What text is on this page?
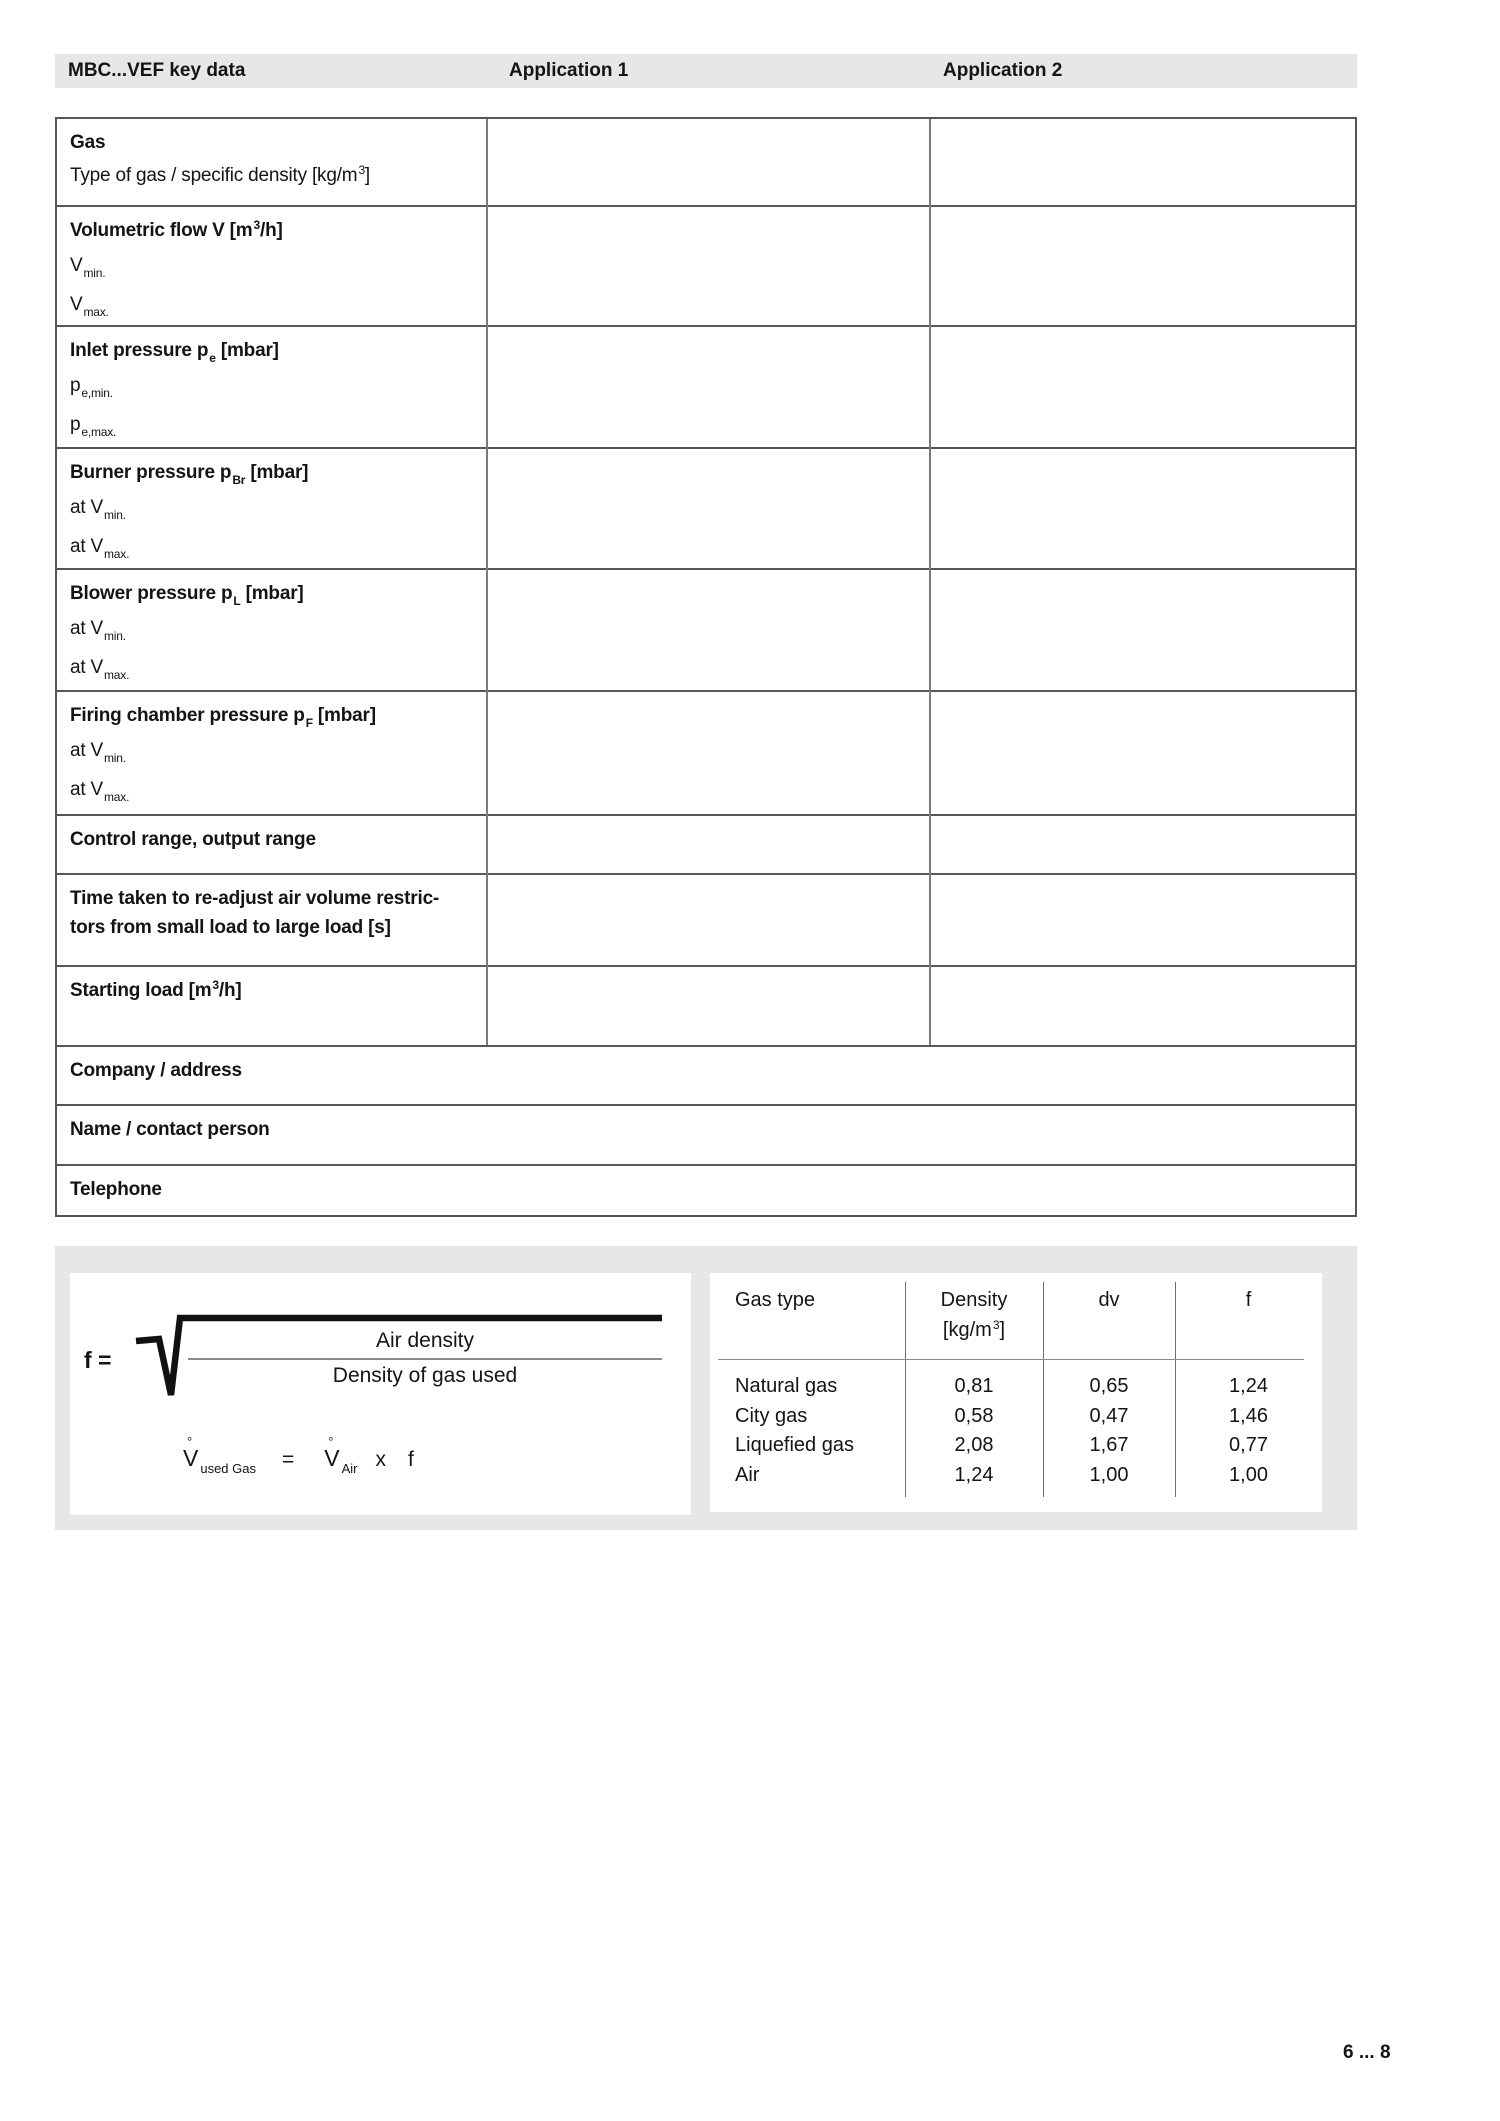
MBC...VEF key data	Application 1	Application 2
Gas
Type of gas / specific density $[kg/m^3]$
Volumetric flow V $[m^3/h]$
$V_{min.}$
$V_{max.}$
Inlet pressure $p_e$ [mbar]
$p_{e,min.}$
$p_{e,max.}$
Burner pressure $p_{Br}$ [mbar]
at $V_{min.}$
at $V_{max.}$
Blower pressure $p_L$ [mbar]
at $V_{min.}$
at $V_{max.}$
Firing chamber pressure $p_F$ [mbar]
at $V_{min.}$
at $V_{max.}$
Control range, output range
Time taken to re-adjust air volume restric-
tors from small load to large load [s]
Starting load $[m^3/h]$
Company / address
Name / contact person
Telephone
f =
Air density
Density of gas used
V
°
$_{used Gas}$ = V
°
$_{Air}$ x f
Gas type	Density
$[kg/m^3]$
dv	f
Natural gas	0,81	0,65	1,24
City gas	0,58	0,47	1,46
Liquefied gas	2,08	1,67	0,77
Air	1,24	1,00	1,00
6 ... 8
